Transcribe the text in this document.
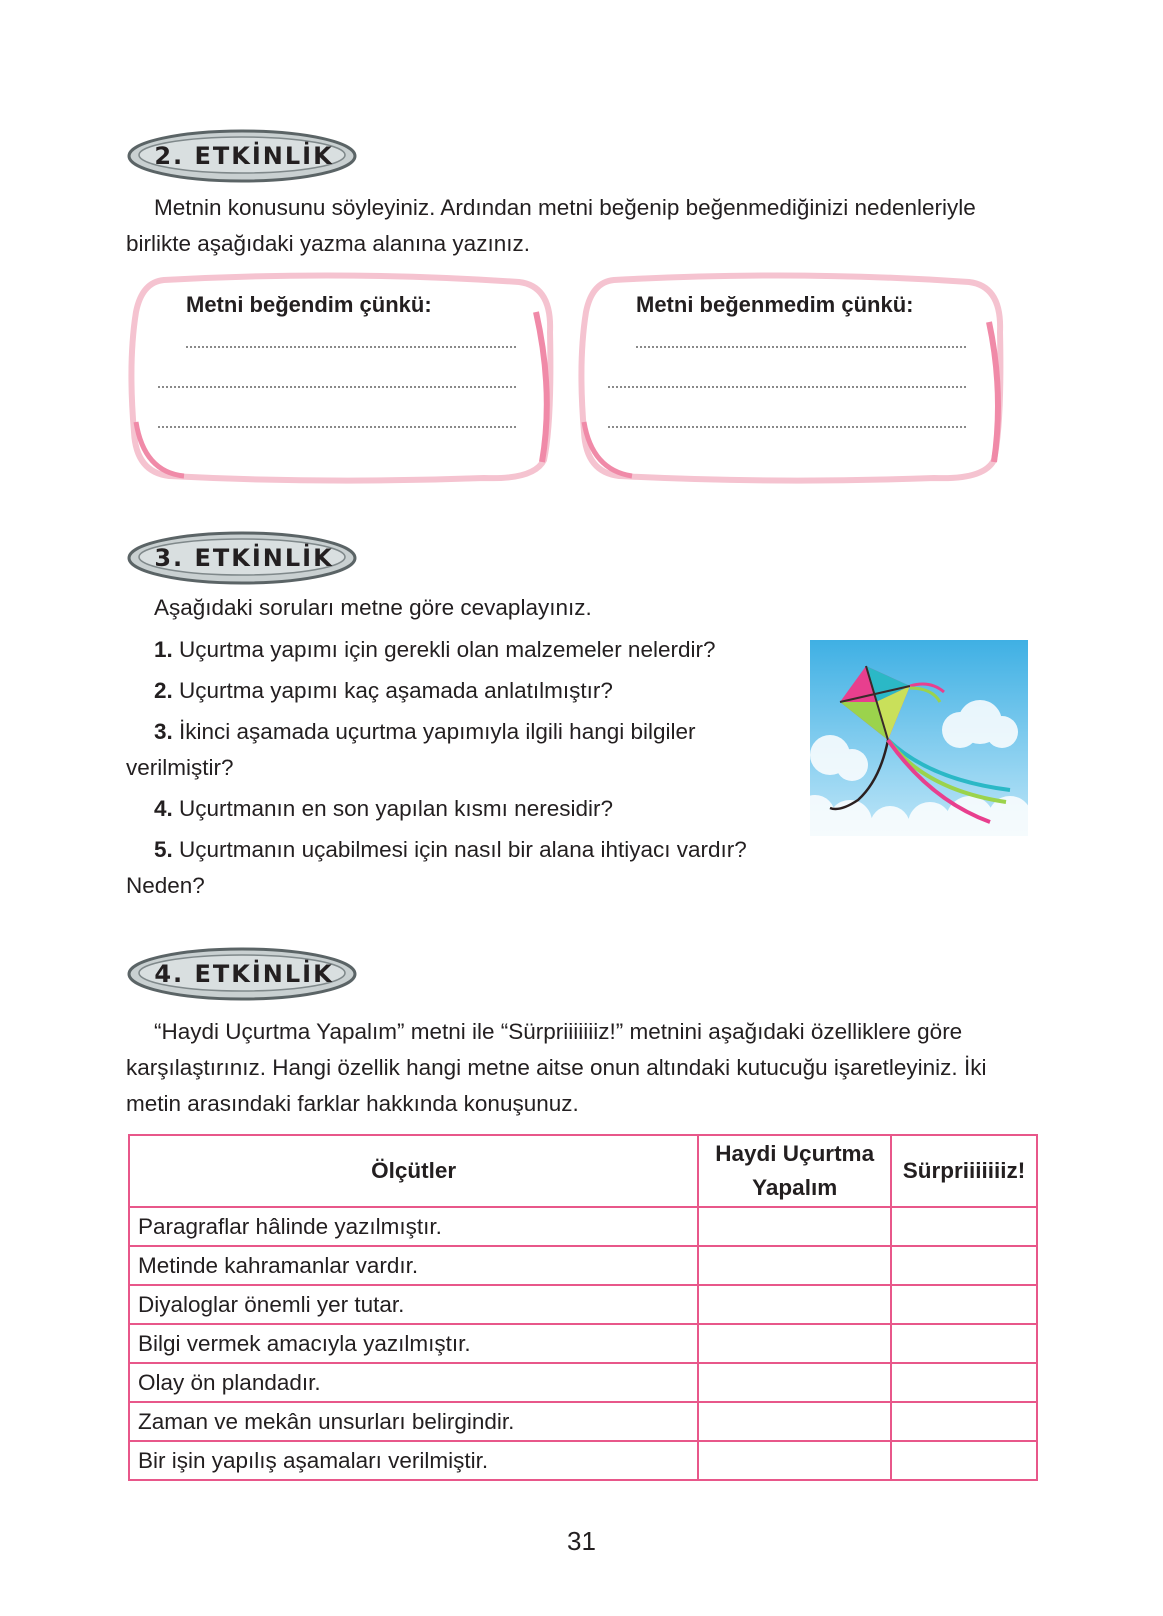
2. ETKİNLİK

Metnin konusunu söyleyiniz. Ardından metni beğenip beğenmediğinizi nedenleriyle birlikte aşağıdaki yazma alanına yazınız.

Metni beğendim çünkü:	Metni beğenmedim çünkü:
3. ETKİNLİK

Aşağıdaki soruları metne göre cevaplayınız.

1. Uçurtma yapımı için gerekli olan malzemeler nelerdir?

2. Uçurtma yapımı kaç aşamada anlatılmıştır?

3. İkinci aşamada uçurtma yapımıyla ilgili hangi bilgiler verilmiştir?

4. Uçurtmanın en son yapılan kısmı neresidir?

5. Uçurtmanın uçabilmesi için nasıl bir alana ihtiyacı vardır? Neden?

4. ETKİNLİK

“Haydi Uçurtma Yapalım” metni ile “Sürpriiiiiiiz!” metnini aşağıdaki özelliklere göre karşılaştırınız. Hangi özellik hangi metne aitse onun altındaki kutucuğu işaretleyiniz. İki metin arasındaki farklar hakkında konuşunuz.

Ölçütler	Haydi Uçurtma Yapalım	Sürpriiiiiiiz!
Paragraflar hâlinde yazılmıştır.		
Metinde kahramanlar vardır.		
Diyaloglar önemli yer tutar.		
Bilgi vermek amacıyla yazılmıştır.		
Olay ön plandadır.		
Zaman ve mekân unsurları belirgindir.		
Bir işin yapılış aşamaları verilmiştir.		
31
